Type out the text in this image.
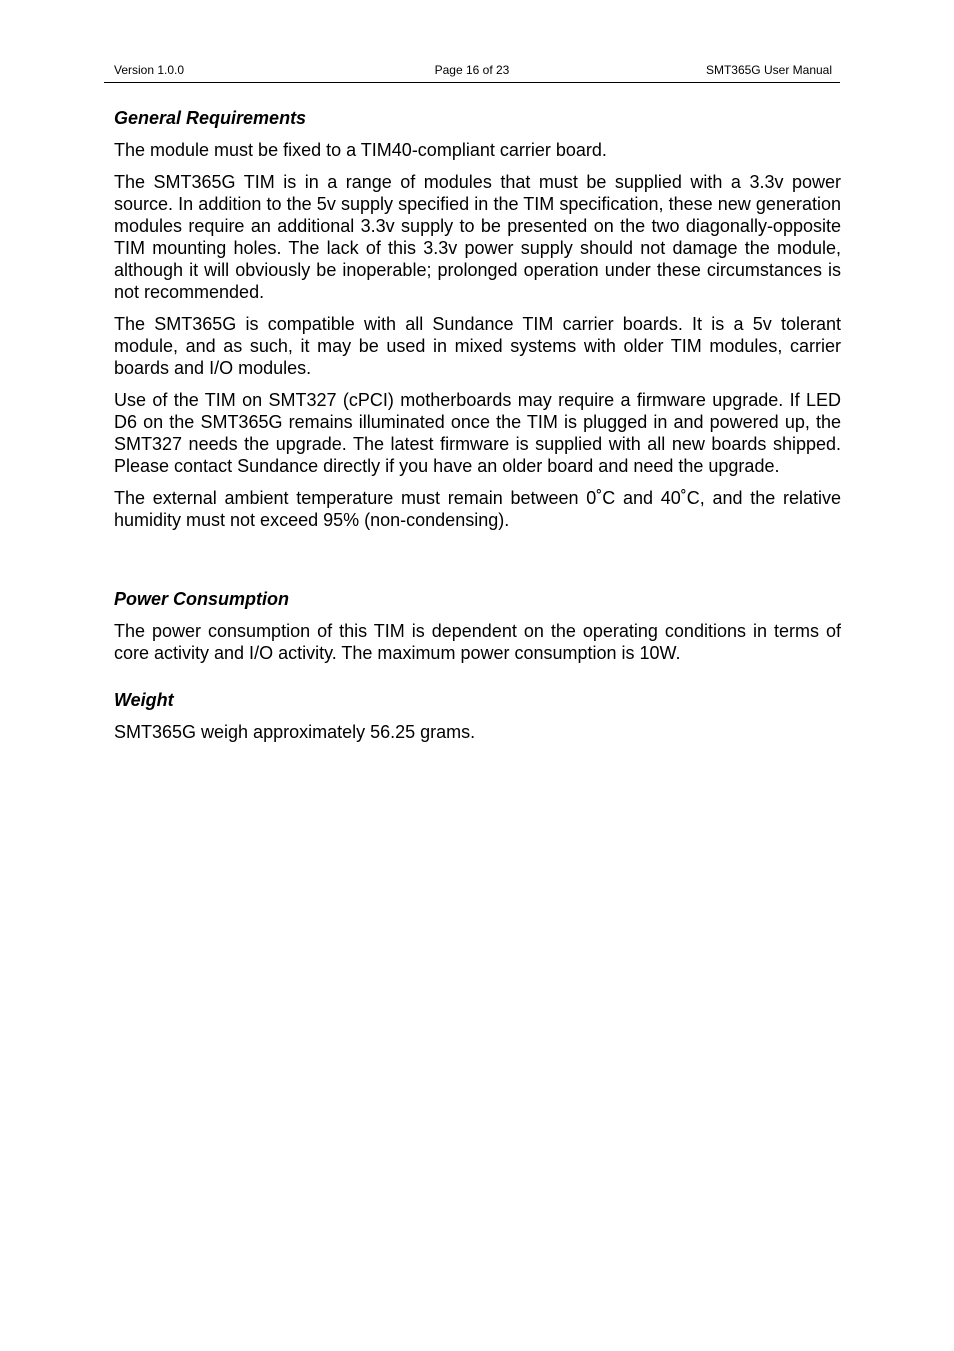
Version 1.0.0	Page 16 of 23	SMT365G User Manual
General Requirements

The module must be fixed to a TIM40-compliant carrier board.

The SMT365G TIM is in a range of modules that must be supplied with a 3.3v power source. In addition to the 5v supply specified in the TIM specification, these new generation modules require an additional 3.3v supply to be presented on the two diagonally-opposite TIM mounting holes. The lack of this 3.3v power supply should not damage the module, although it will obviously be inoperable; prolonged operation under these circumstances is not recommended.

The SMT365G is compatible with all Sundance TIM carrier boards. It is a 5v tolerant module, and as such, it may be used in mixed systems with older TIM modules, carrier boards and I/O modules.

Use of the TIM on SMT327 (cPCI) motherboards may require a firmware upgrade. If LED D6 on the SMT365G remains illuminated once the TIM is plugged in and powered up, the SMT327 needs the upgrade. The latest firmware is supplied with all new boards shipped. Please contact Sundance directly if you have an older board and need the upgrade.

The external ambient temperature must remain between 0˚C and 40˚C, and the relative humidity must not exceed 95% (non-condensing).

Power Consumption

The power consumption of this TIM is dependent on the operating conditions in terms of core activity and I/O activity. The maximum power consumption is 10W.

Weight

SMT365G weigh approximately 56.25 grams.
